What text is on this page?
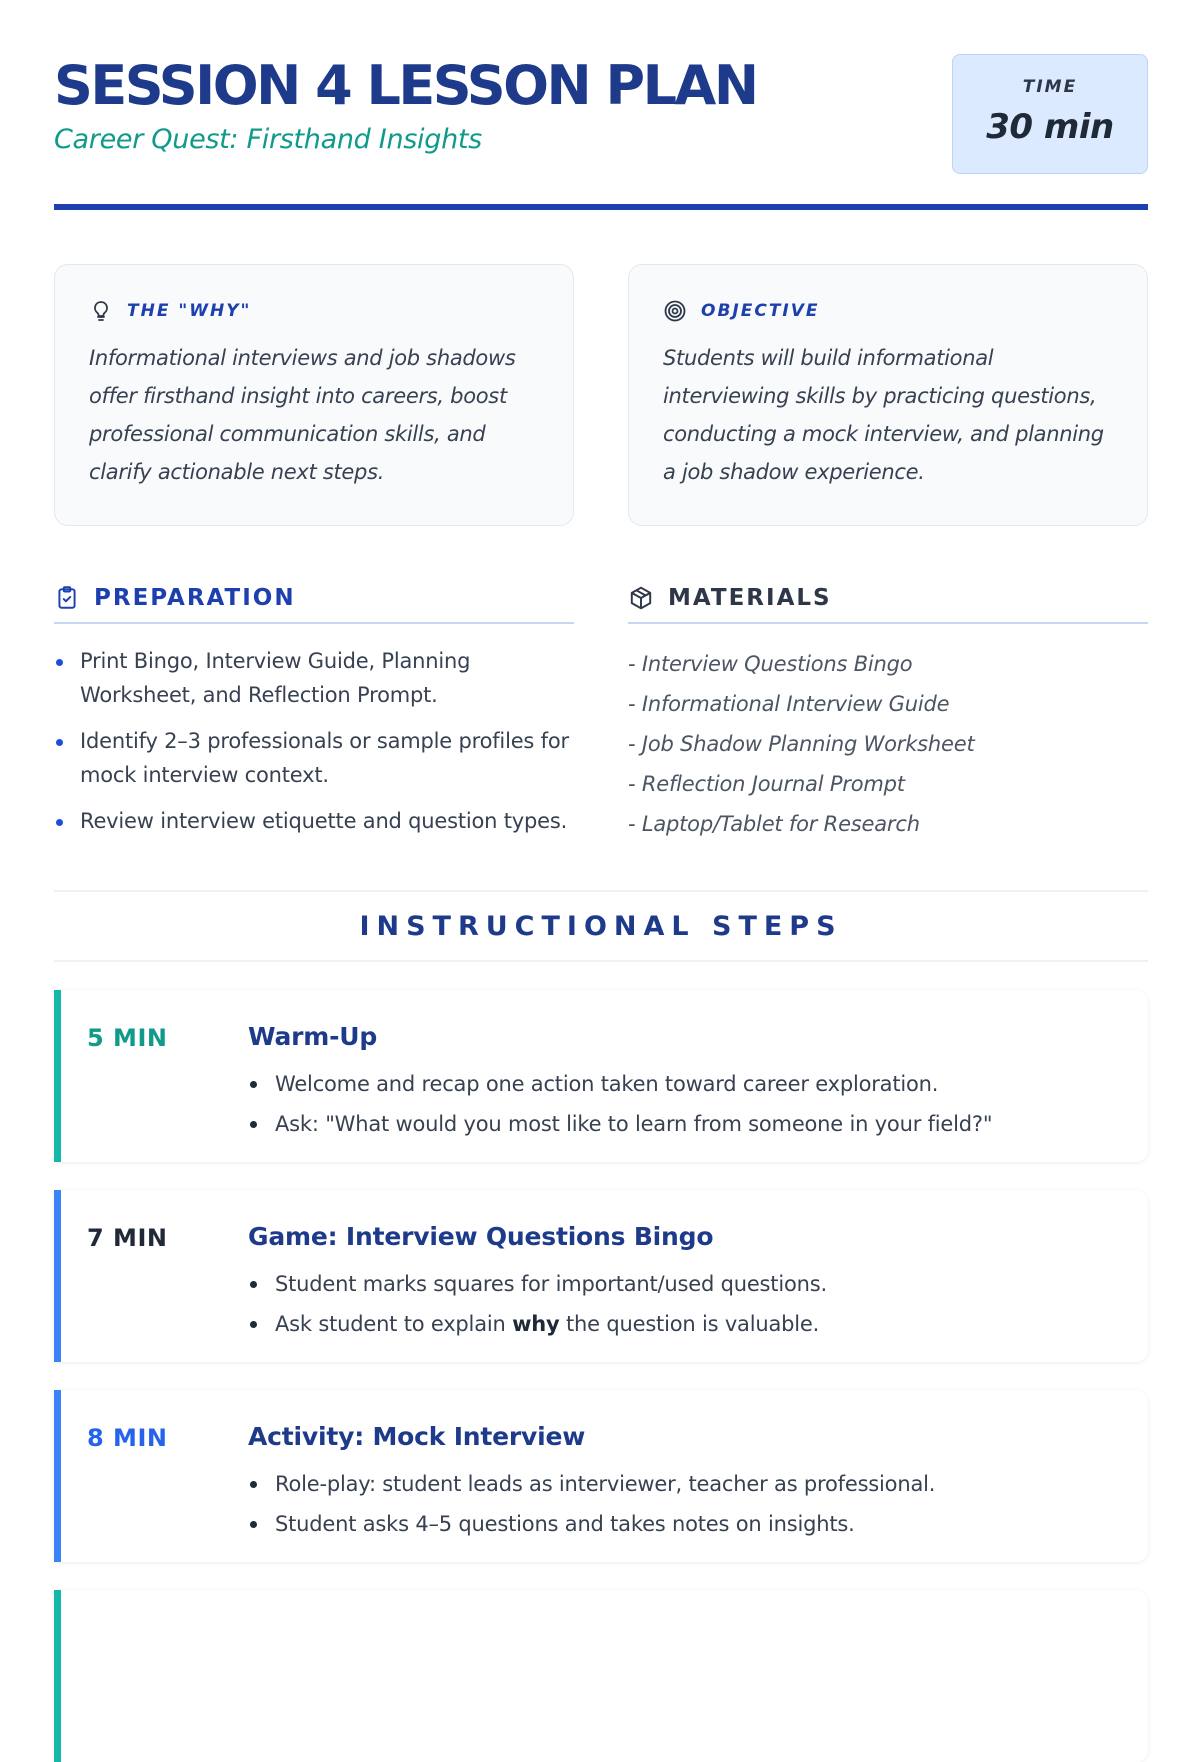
SESSION 4 LESSON PLAN
Career Quest: Firsthand Insights
TIME
30 min
THE "WHY"
Informational interviews and job shadows offer firsthand insight into careers, boost professional communication skills, and clarify actionable next steps.
OBJECTIVE
Students will build informational interviewing skills by practicing questions, conducting a mock interview, and planning a job shadow experience.
PREPARATION
Print Bingo, Interview Guide, Planning Worksheet, and Reflection Prompt.
Identify 2–3 professionals or sample profiles for mock interview context.
Review interview etiquette and question types.
MATERIALS
- Interview Questions Bingo
- Informational Interview Guide
- Job Shadow Planning Worksheet
- Reflection Journal Prompt
- Laptop/Tablet for Research
INSTRUCTIONAL STEPS
5 MIN	Warm-Up
Welcome and recap one action taken toward career exploration.
Ask: "What would you most like to learn from someone in your field?"
7 MIN	Game: Interview Questions Bingo
Student marks squares for important/used questions.
Ask student to explain why the question is valuable.
8 MIN	Activity: Mock Interview
Role-play: student leads as interviewer, teacher as professional.
Student asks 4–5 questions and takes notes on insights.
